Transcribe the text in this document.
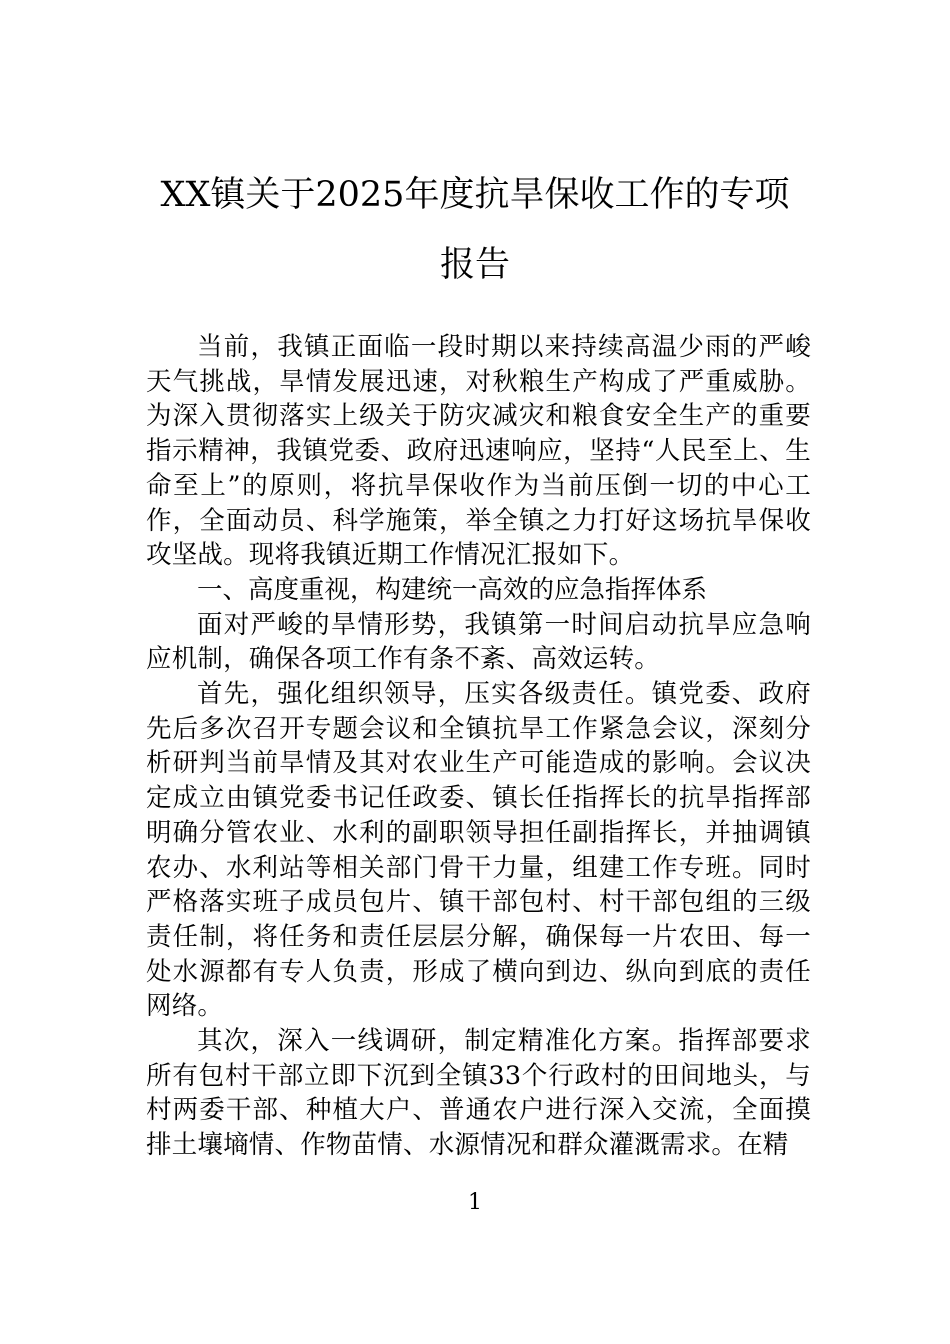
XX镇关于2025年度抗旱保收工作的专项
报告

当前，我镇正面临一段时期以来持续高温少雨的严峻天气挑战，旱情发展迅速，对秋粮生产构成了严重威胁。为深入贯彻落实上级关于防灾减灾和粮食安全生产的重要指示精神，我镇党委、政府迅速响应，坚持“人民至上、生命至上”的原则，将抗旱保收作为当前压倒一切的中心工作，全面动员、科学施策，举全镇之力打好这场抗旱保收攻坚战。现将我镇近期工作情况汇报如下。

一、高度重视，构建统一高效的应急指挥体系

面对严峻的旱情形势，我镇第一时间启动抗旱应急响应机制，确保各项工作有条不紊、高效运转。

首先，强化组织领导，压实各级责任。镇党委、政府先后多次召开专题会议和全镇抗旱工作紧急会议，深刻分析研判当前旱情及其对农业生产可能造成的影响。会议决定成立由镇党委书记任政委、镇长任指挥长的抗旱指挥部明确分管农业、水利的副职领导担任副指挥长，并抽调镇农办、水利站等相关部门骨干力量，组建工作专班。同时严格落实班子成员包片、镇干部包村、村干部包组的三级责任制，将任务和责任层层分解，确保每一片农田、每一处水源都有专人负责，形成了横向到边、纵向到底的责任网络。

其次，深入一线调研，制定精准化方案。指挥部要求所有包村干部立即下沉到全镇33个行政村的田间地头，与村两委干部、种植大户、普通农户进行深入交流，全面摸排土壤墒情、作物苗情、水源情况和群众灌溉需求。在精

1
